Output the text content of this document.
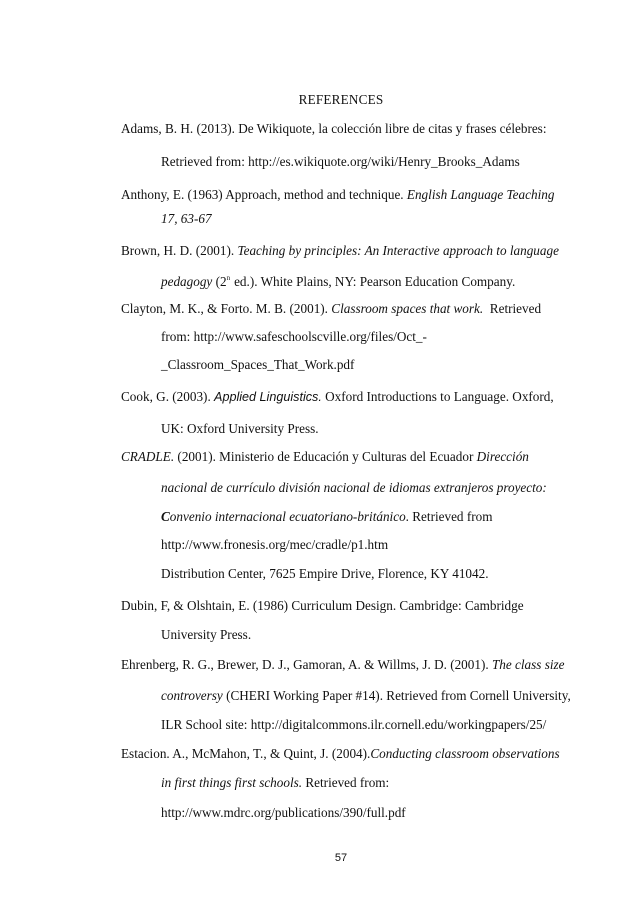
REFERENCES
Adams, B. H. (2013). De Wikiquote, la colección libre de citas y frases célebres:
Retrieved from: http://es.wikiquote.org/wiki/Henry_Brooks_Adams
Anthony, E. (1963) Approach, method and technique. English Language Teaching
17, 63-67
Brown, H. D. (2001). Teaching by principles: An Interactive approach to language
pedagogy (2$^n$ ed.). White Plains, NY: Pearson Education Company.
Clayton, M. K., & Forto. M. B. (2001). Classroom spaces that work.  Retrieved
from: http://www.safeschoolscville.org/files/Oct_-
_Classroom_Spaces_That_Work.pdf
Cook, G. (2003). Applied Linguistics. Oxford Introductions to Language. Oxford,
UK: Oxford University Press.
CRADLE. (2001). Ministerio de Educación y Culturas del Ecuador Dirección
nacional de currículo división nacional de idiomas extranjeros proyecto:
Convenio internacional ecuatoriano-británico. Retrieved from
http://www.fronesis.org/mec/cradle/p1.htm
Distribution Center, 7625 Empire Drive, Florence, KY 41042.
Dubin, F, & Olshtain, E. (1986) Curriculum Design. Cambridge: Cambridge
University Press.
Ehrenberg, R. G., Brewer, D. J., Gamoran, A. & Willms, J. D. (2001). The class size
controversy (CHERI Working Paper #14). Retrieved from Cornell University,
ILR School site: http://digitalcommons.ilr.cornell.edu/workingpapers/25/
Estacion. A., McMahon, T., & Quint, J. (2004).Conducting classroom observations
in first things first schools. Retrieved from:
http://www.mdrc.org/publications/390/full.pdf
57
